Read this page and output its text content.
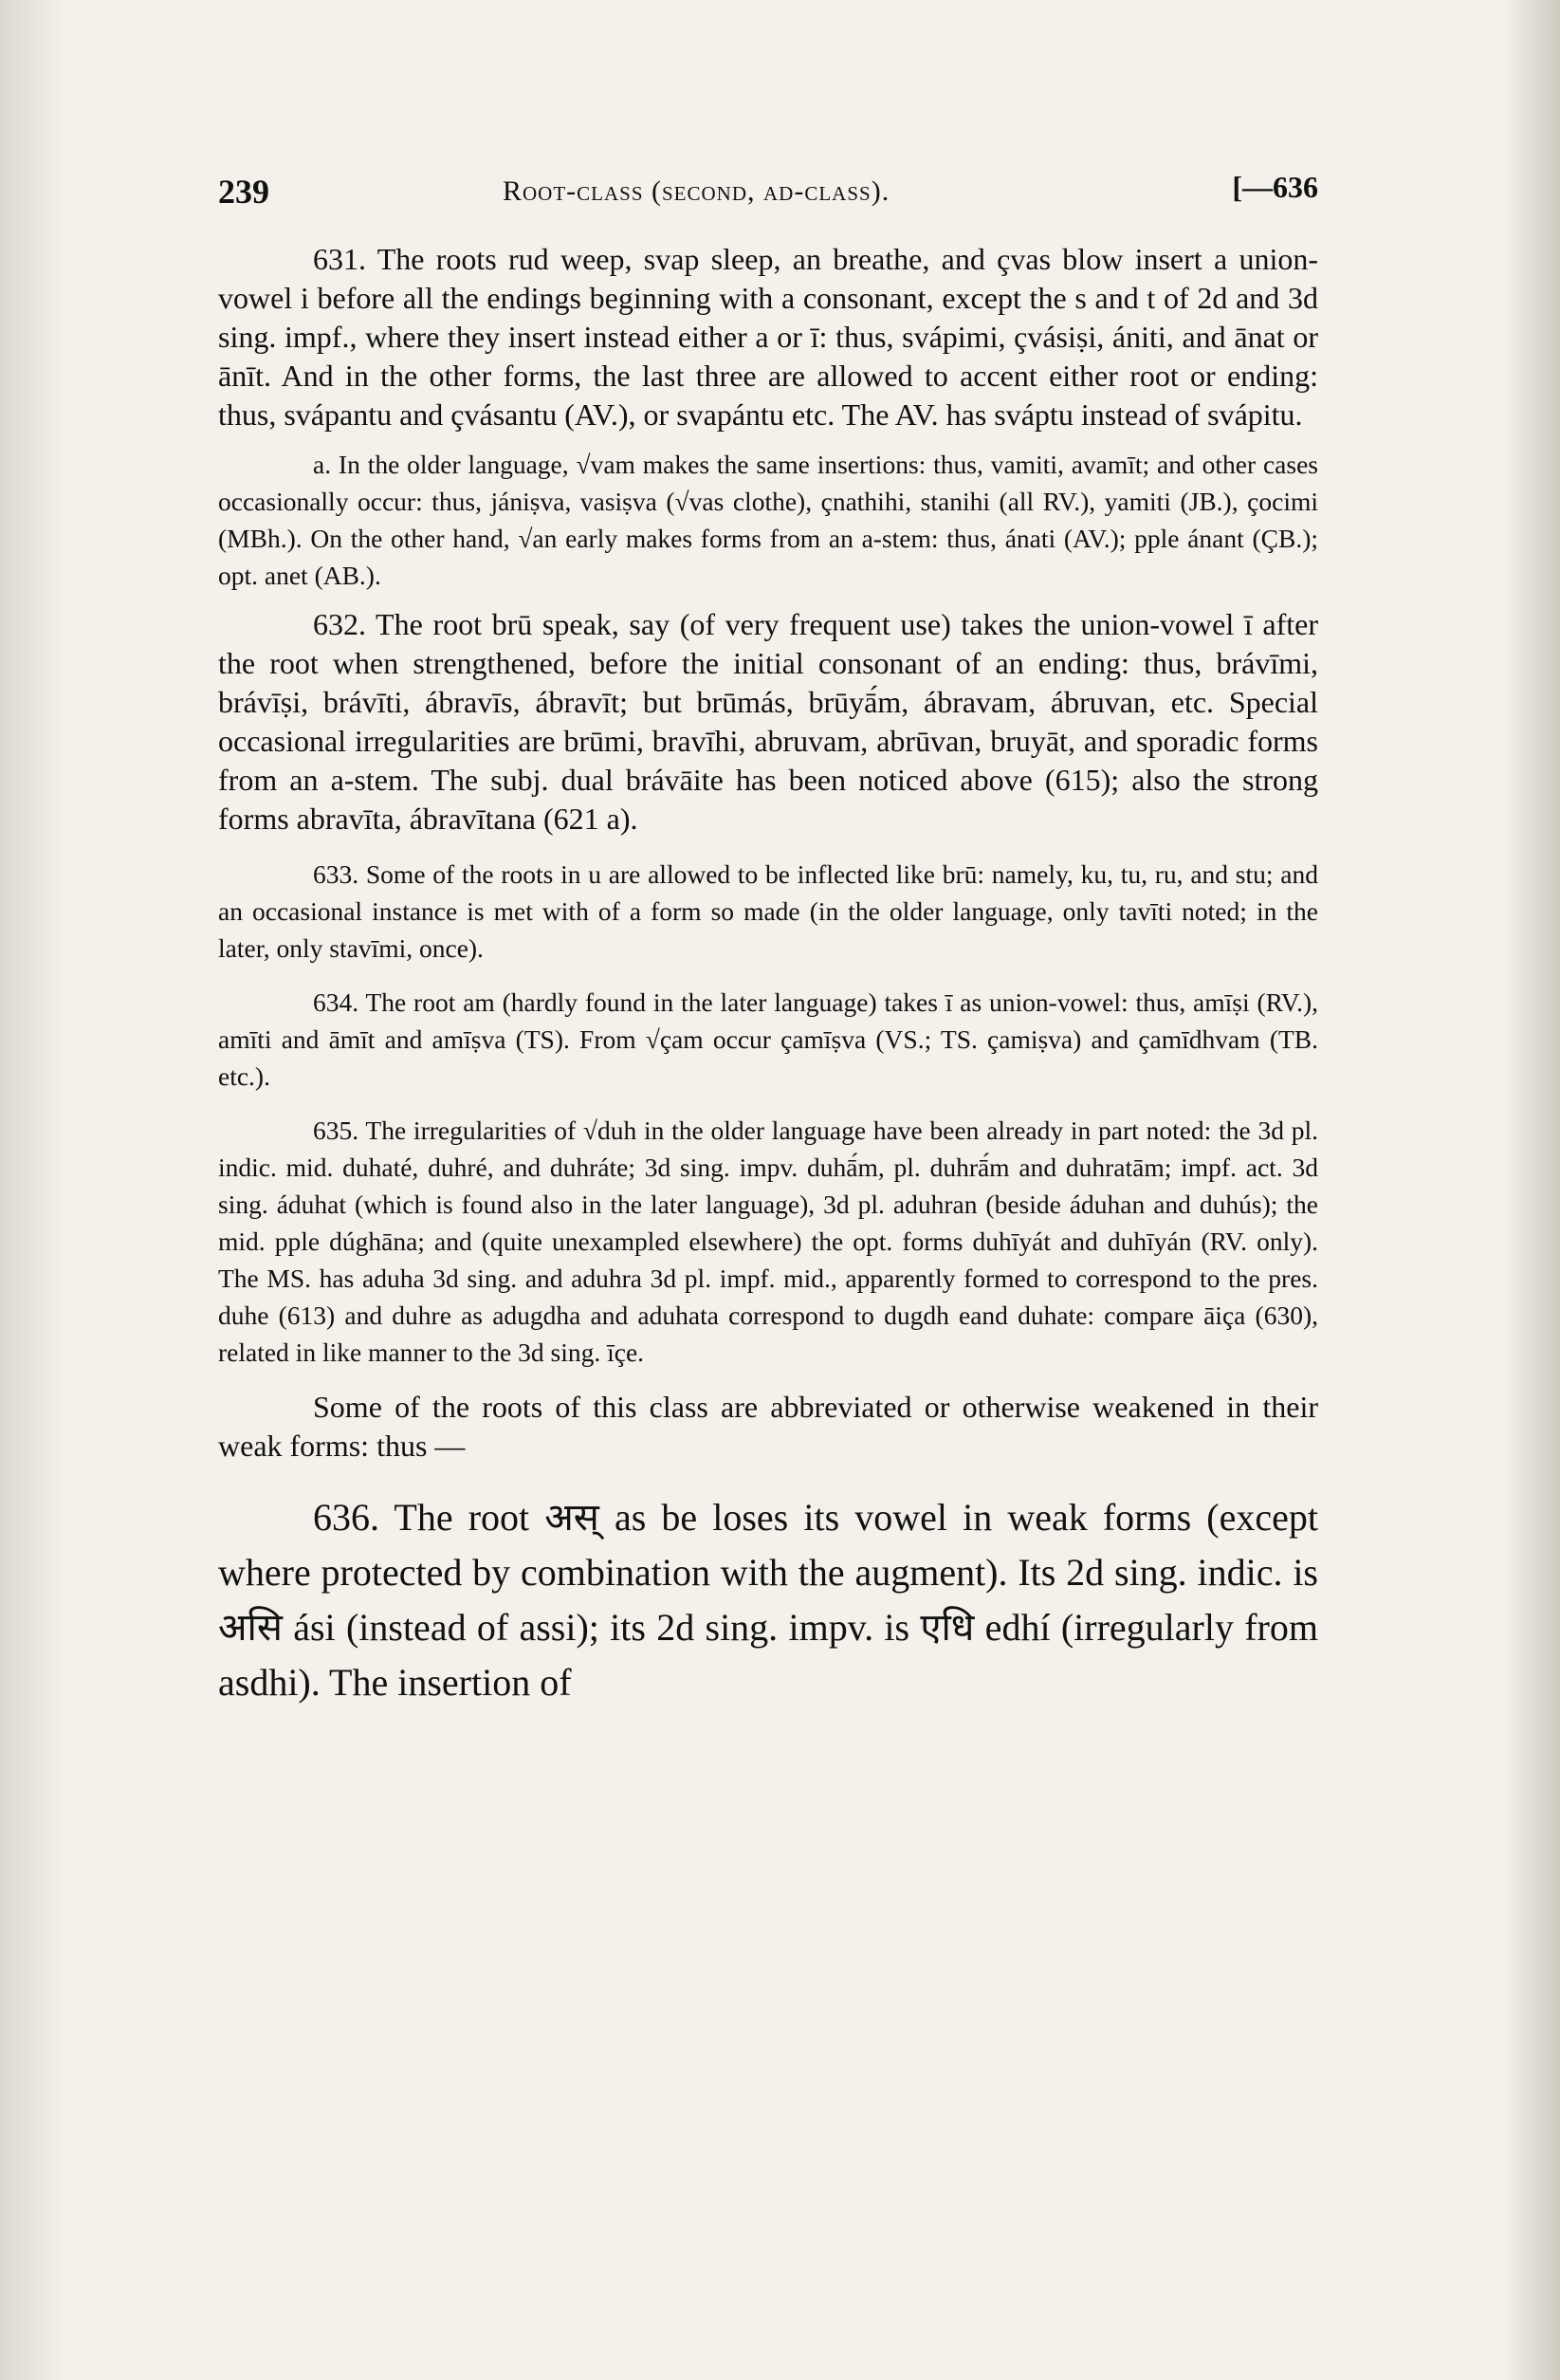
239	Root-class (second, ad-class).	[—636

631. The roots rud weep, svap sleep, an breathe, and çvas blow insert a union-vowel i before all the endings beginning with a consonant, except the s and t of 2d and 3d sing. impf., where they insert instead either a or ī: thus, svápimi, çvásiṣi, ániti, and ānat or ānīt. And in the other forms, the last three are allowed to accent either root or ending: thus, svápantu and çvásantu (AV.), or svapántu etc. The AV. has sváptu instead of svápitu.

a. In the older language, √vam makes the same insertions: thus, vamiti, avamīt; and other cases occasionally occur: thus, jániṣva, vasiṣva (√vas clothe), çnathihi, stanihi (all RV.), yamiti (JB.), çocimi (MBh.). On the other hand, √an early makes forms from an a-stem: thus, ánati (AV.); pple ánant (ÇB.); opt. anet (AB.).

632. The root brū speak, say (of very frequent use) takes the union-vowel ī after the root when strengthened, before the initial consonant of an ending: thus, brávīmi, brávīṣi, brávīti, ábravīs, ábravīt; but brūmás, brūyā́m, ábravam, ábruvan, etc. Special occasional irregularities are brūmi, bravīhi, abruvam, abrūvan, bruyāt, and sporadic forms from an a-stem. The subj. dual brávāite has been noticed above (615); also the strong forms abravīta, ábravītana (621 a).

633. Some of the roots in u are allowed to be inflected like brū: namely, ku, tu, ru, and stu; and an occasional instance is met with of a form so made (in the older language, only tavīti noted; in the later, only stavīmi, once).

634. The root am (hardly found in the later language) takes ī as union-vowel: thus, amīṣi (RV.), amīti and āmīt and amīṣva (TS). From √çam occur çamīṣva (VS.; TS. çamiṣva) and çamīdhvam (TB. etc.).

635. The irregularities of √duh in the older language have been already in part noted: the 3d pl. indic. mid. duhaté, duhré, and duhráte; 3d sing. impv. duhā́m, pl. duhrā́m and duhratām; impf. act. 3d sing. áduhat (which is found also in the later language), 3d pl. aduhran (beside áduhan and duhús); the mid. pple dúghāna; and (quite unexampled elsewhere) the opt. forms duhīyát and duhīyán (RV. only). The MS. has aduha 3d sing. and aduhra 3d pl. impf. mid., apparently formed to correspond to the pres. duhe (613) and duhre as adugdha and aduhata correspond to dugdh eand duhate: compare āiça (630), related in like manner to the 3d sing. īçe.

Some of the roots of this class are abbreviated or otherwise weakened in their weak forms: thus —

636. The root अस् as be loses its vowel in weak forms (except where protected by combination with the augment). Its 2d sing. indic. is असि ási (instead of assi); its 2d sing. impv. is एधि edhí (irregularly from asdhi). The insertion of
